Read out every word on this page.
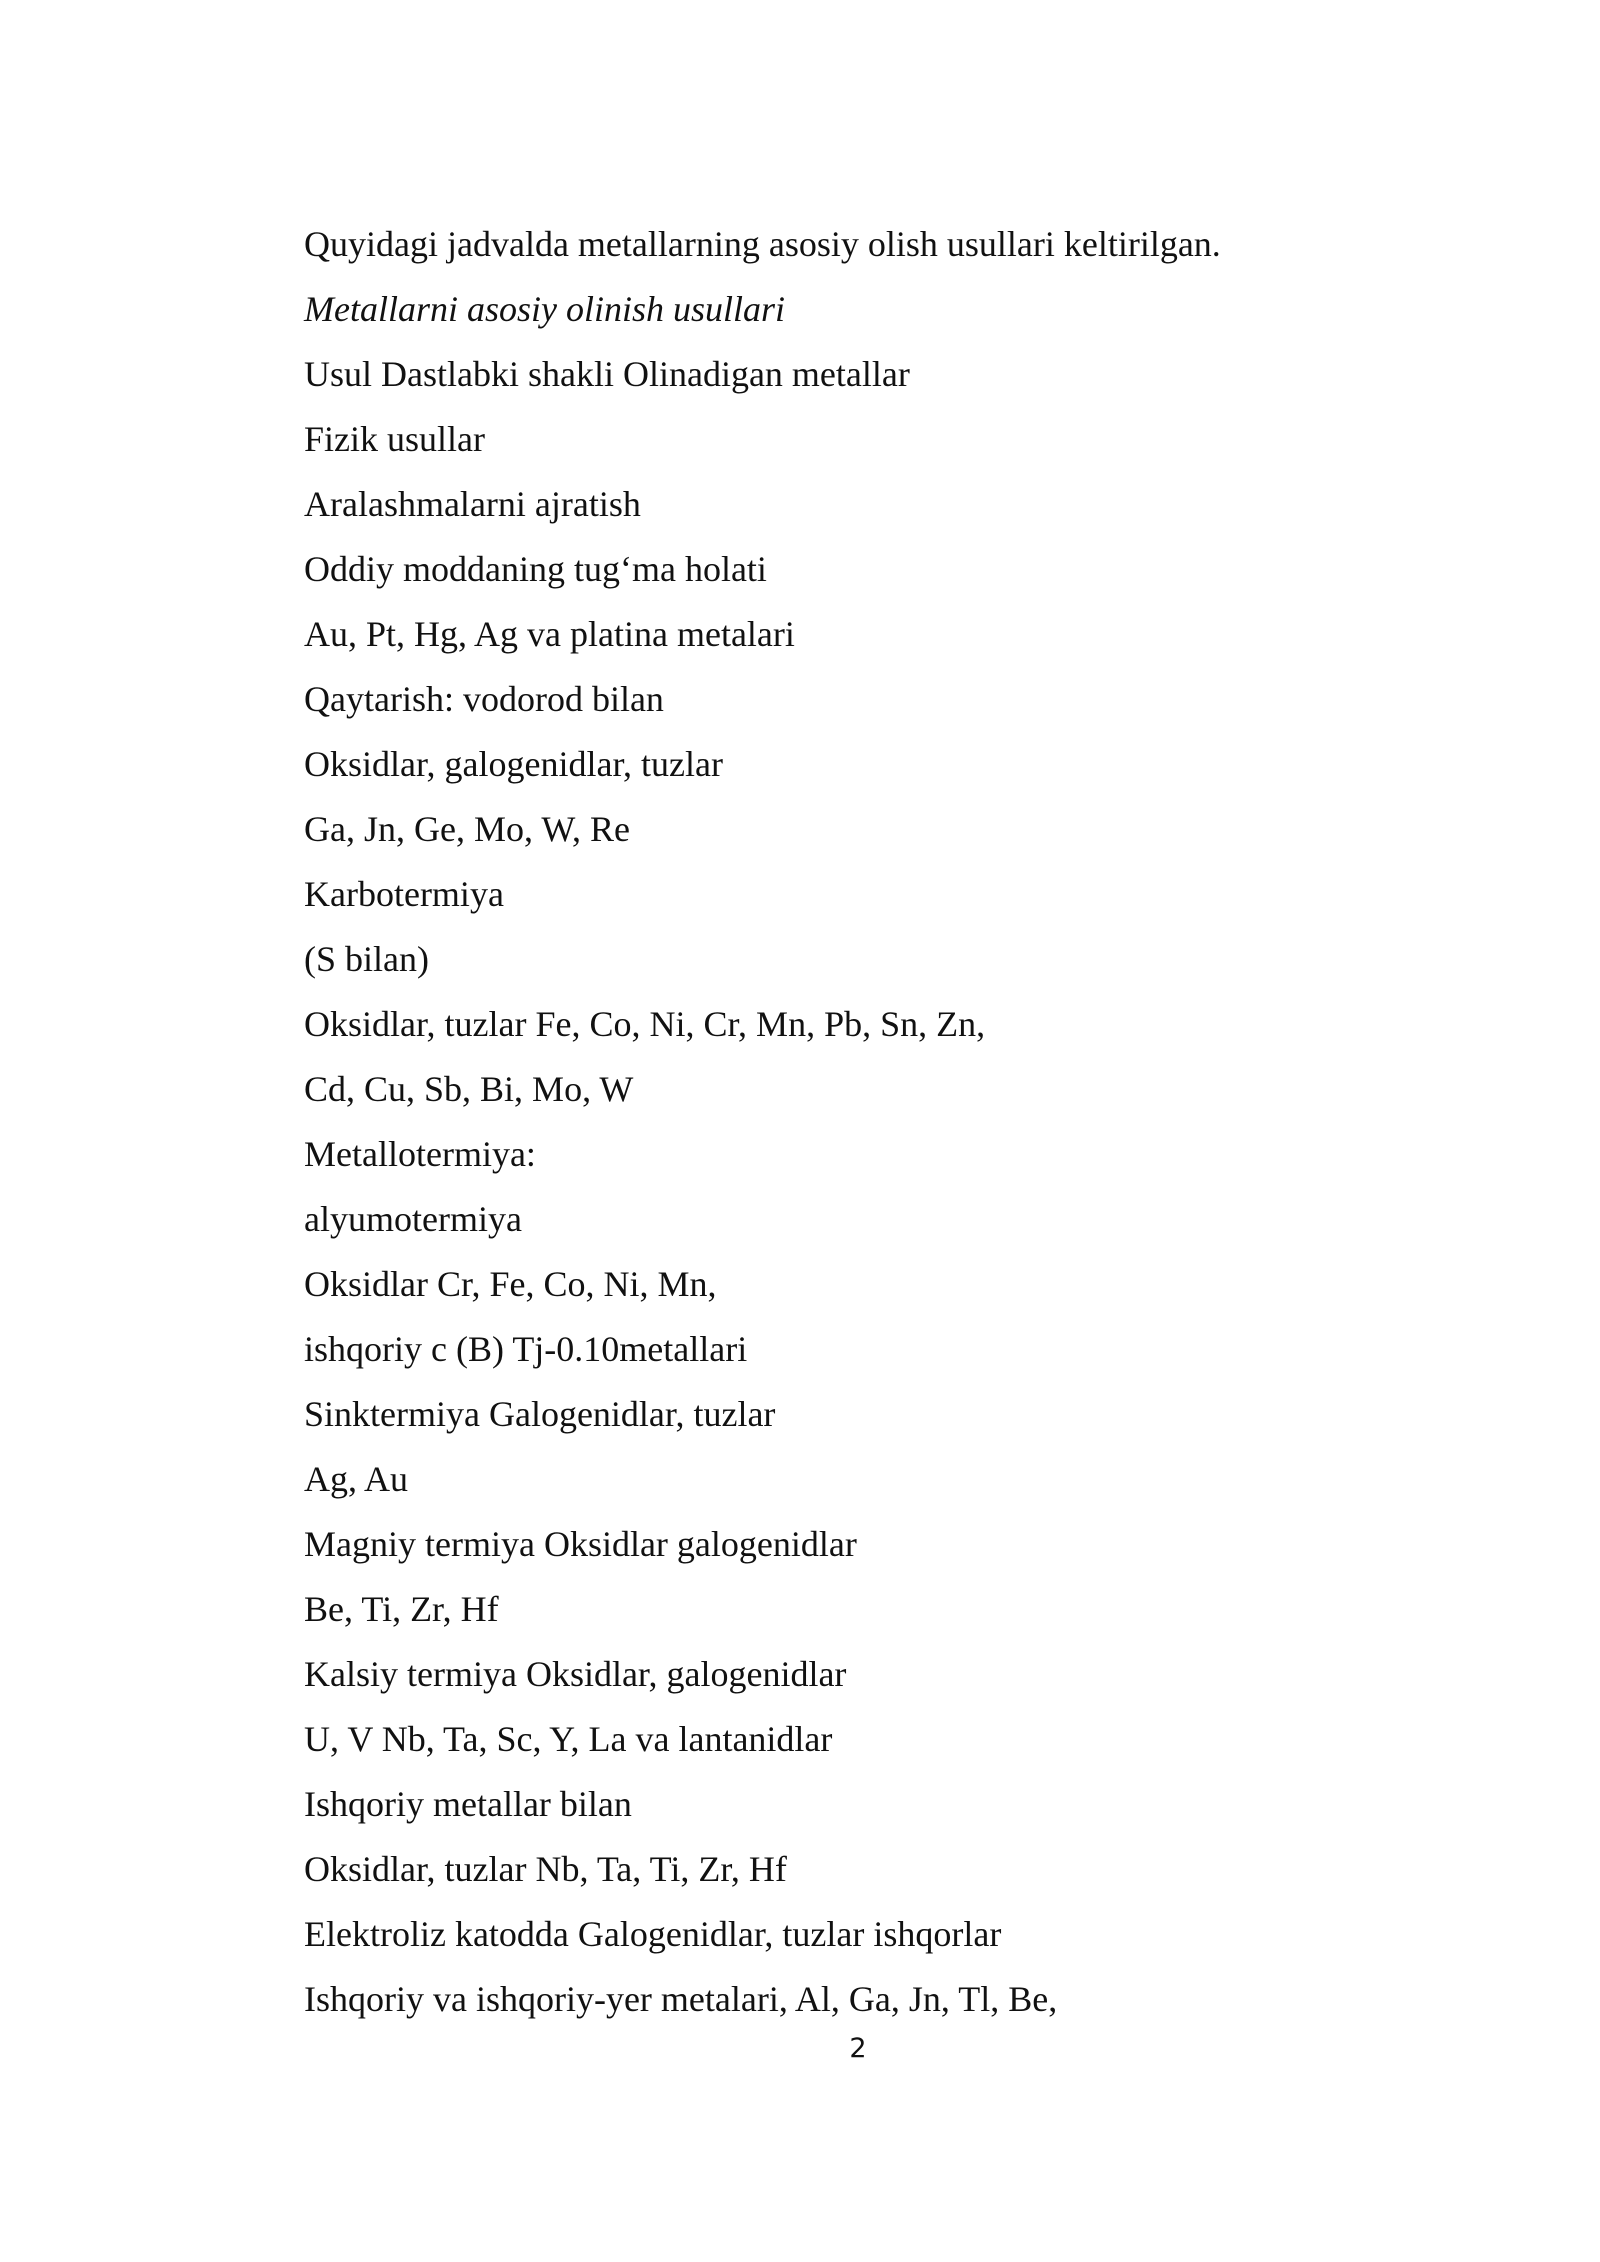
Quyidagi jadvalda metallarning asosiy olish usullari keltirilgan.
Metallarni asosiy olinish usullari
Usul Dastlabki shakli Olinadigan metallar
Fizik usullar
Aralashmalarni ajratish
Oddiy moddaning tug‘ma holati
Au, Pt, Hg, Ag va platina metalari
Qaytarish: vodorod bilan
Oksidlar, galogenidlar, tuzlar
Ga, Jn, Ge, Mo, W, Re
Karbotermiya
(S bilan)
Oksidlar, tuzlar Fe, Co, Ni, Cr, Mn, Pb, Sn, Zn,
Cd, Cu, Sb, Bi, Mo, W
Metallotermiya:
alyumotermiya
Oksidlar Cr, Fe, Co, Ni, Mn,
ishqoriy c (B) Tj-0.10metallari
Sinktermiya Galogenidlar, tuzlar
Ag, Au
Magniy termiya Oksidlar galogenidlar
Be, Ti, Zr, Hf
Kalsiy termiya Oksidlar, galogenidlar
U, V Nb, Ta, Sc, Y, La va lantanidlar
Ishqoriy metallar bilan
Oksidlar, tuzlar Nb, Ta, Ti, Zr, Hf
Elektroliz katodda Galogenidlar, tuzlar ishqorlar
Ishqoriy va ishqoriy-yer metalari, Al, Ga, Jn, Tl, Be,
2
